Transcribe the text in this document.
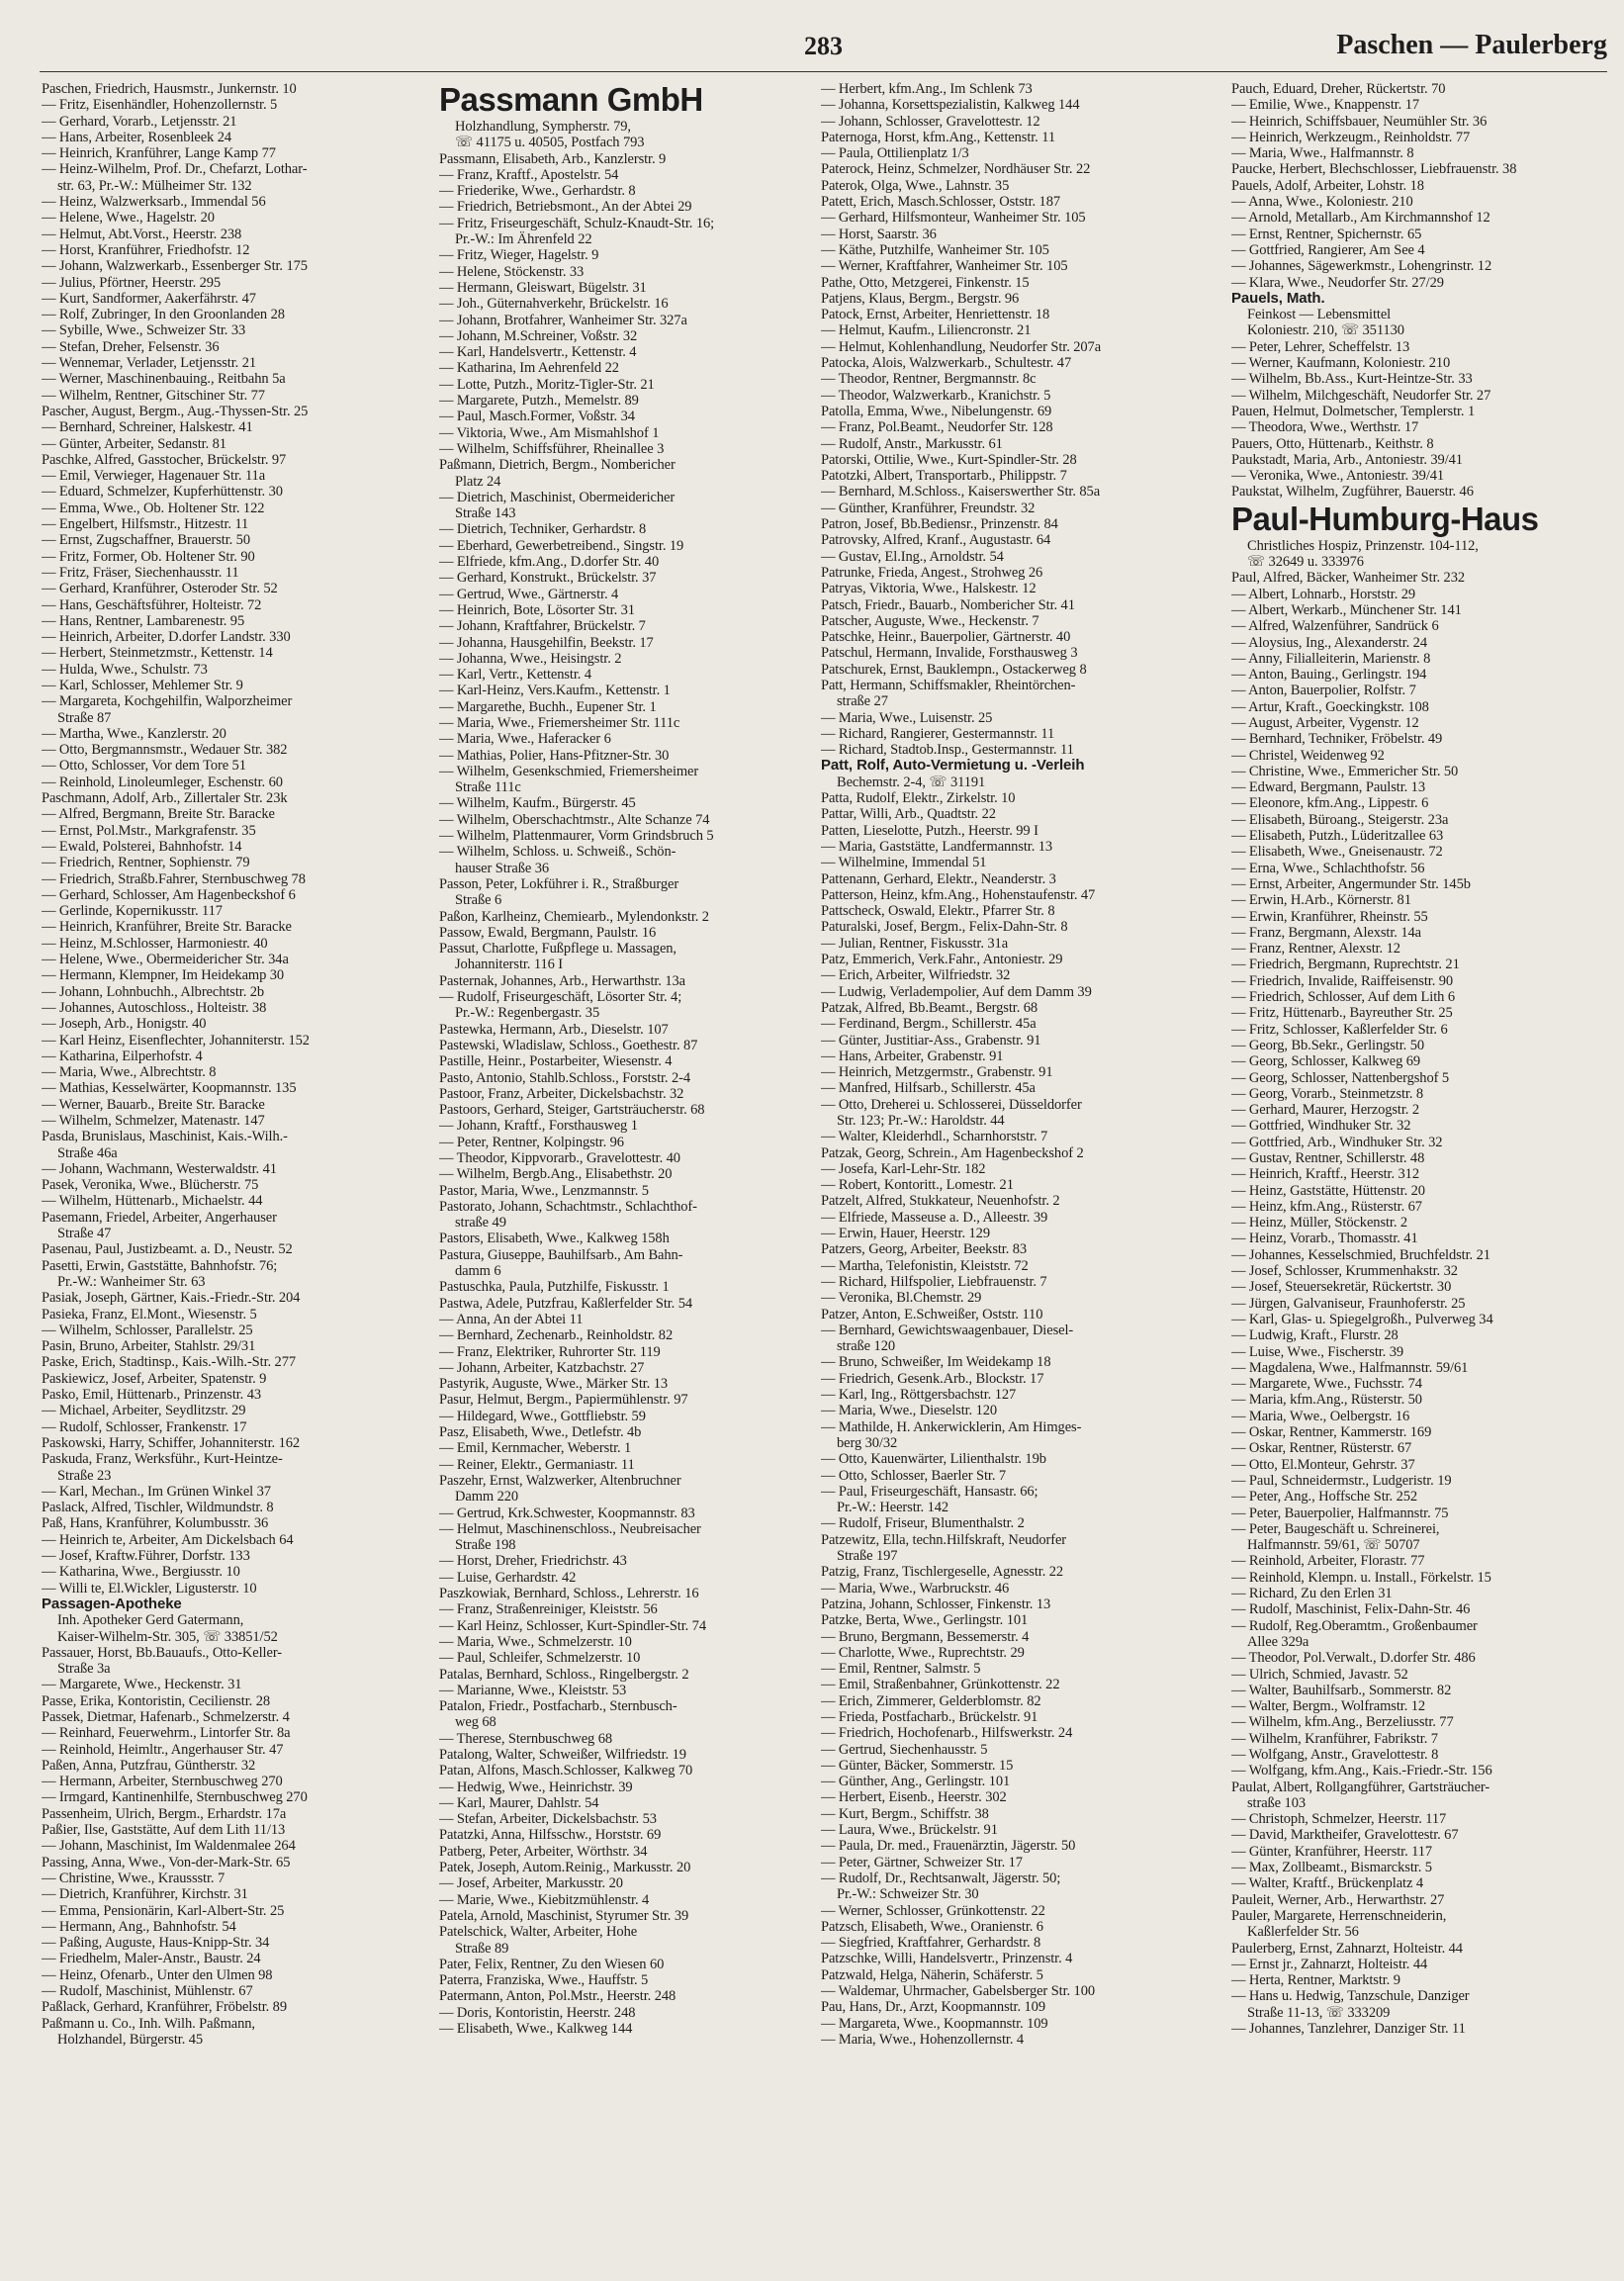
283	Paschen — Paulerberg
Paschen, Friedrich, Hausmstr., Junkernstr. 10
— Fritz, Eisenhändler, Hohenzollernstr. 5
— Gerhard, Vorarb., Letjensstr. 21
— Hans, Arbeiter, Rosenbleek 24
— Heinrich, Kranführer, Lange Kamp 77
— Heinz-Wilhelm, Prof. Dr., Chefarzt, Lothar-
str. 63, Pr.-W.: Mülheimer Str. 132
— Heinz, Walzwerksarb., Immendal 56
— Helene, Wwe., Hagelstr. 20
— Helmut, Abt.Vorst., Heerstr. 238
— Horst, Kranführer, Friedhofstr. 12
— Johann, Walzwerkarb., Essenberger Str. 175
— Julius, Pförtner, Heerstr. 295
— Kurt, Sandformer, Aakerfährstr. 47
— Rolf, Zubringer, In den Groonlanden 28
— Sybille, Wwe., Schweizer Str. 33
— Stefan, Dreher, Felsenstr. 36
— Wennemar, Verlader, Letjensstr. 21
— Werner, Maschinenbauing., Reitbahn 5a
— Wilhelm, Rentner, Gitschiner Str. 77
Pascher, August, Bergm., Aug.-Thyssen-Str. 25
— Bernhard, Schreiner, Halskestr. 41
— Günter, Arbeiter, Sedanstr. 81
Paschke, Alfred, Gasstocher, Brückelstr. 97
— Emil, Verwieger, Hagenauer Str. 11a
— Eduard, Schmelzer, Kupferhüttenstr. 30
— Emma, Wwe., Ob. Holtener Str. 122
— Engelbert, Hilfsmstr., Hitzestr. 11
— Ernst, Zugschaffner, Brauerstr. 50
— Fritz, Former, Ob. Holtener Str. 90
— Fritz, Fräser, Siechenhausstr. 11
— Gerhard, Kranführer, Osteroder Str. 52
— Hans, Geschäftsführer, Holteistr. 72
— Hans, Rentner, Lambarenestr. 95
— Heinrich, Arbeiter, D.dorfer Landstr. 330
— Herbert, Steinmetzmstr., Kettenstr. 14
— Hulda, Wwe., Schulstr. 73
— Karl, Schlosser, Mehlemer Str. 9
— Margareta, Kochgehilfin, Walporzheimer
Straße 87
— Martha, Wwe., Kanzlerstr. 20
— Otto, Bergmannsmstr., Wedauer Str. 382
— Otto, Schlosser, Vor dem Tore 51
— Reinhold, Linoleumleger, Eschenstr. 60
Paschmann, Adolf, Arb., Zillertaler Str. 23k
— Alfred, Bergmann, Breite Str. Baracke
— Ernst, Pol.Mstr., Markgrafenstr. 35
— Ewald, Polsterei, Bahnhofstr. 14
— Friedrich, Rentner, Sophienstr. 79
— Friedrich, Straßb.Fahrer, Sternbuschweg 78
— Gerhard, Schlosser, Am Hagenbeckshof 6
— Gerlinde, Kopernikusstr. 117
— Heinrich, Kranführer, Breite Str. Baracke
— Heinz, M.Schlosser, Harmoniestr. 40
— Helene, Wwe., Obermeidericher Str. 34a
— Hermann, Klempner, Im Heidekamp 30
— Johann, Lohnbuchh., Albrechtstr. 2b
— Johannes, Autoschloss., Holteistr. 38
— Joseph, Arb., Honigstr. 40
— Karl Heinz, Eisenflechter, Johanniterstr. 152
— Katharina, Eilperhofstr. 4
— Maria, Wwe., Albrechtstr. 8
— Mathias, Kesselwärter, Koopmannstr. 135
— Werner, Bauarb., Breite Str. Baracke
— Wilhelm, Schmelzer, Matenastr. 147
Pasda, Brunislaus, Maschinist, Kais.-Wilh.-
Straße 46a
— Johann, Wachmann, Westerwaldstr. 41
Pasek, Veronika, Wwe., Blücherstr. 75
— Wilhelm, Hüttenarb., Michaelstr. 44
Pasemann, Friedel, Arbeiter, Angerhauser
Straße 47
Pasenau, Paul, Justizbeamt. a. D., Neustr. 52
Pasetti, Erwin, Gaststätte, Bahnhofstr. 76;
Pr.-W.: Wanheimer Str. 63
Pasiak, Joseph, Gärtner, Kais.-Friedr.-Str. 204
Pasieka, Franz, El.Mont., Wiesenstr. 5
— Wilhelm, Schlosser, Parallelstr. 25
Pasin, Bruno, Arbeiter, Stahlstr. 29/31
Paske, Erich, Stadtinsp., Kais.-Wilh.-Str. 277
Paskiewicz, Josef, Arbeiter, Spatenstr. 9
Pasko, Emil, Hüttenarb., Prinzenstr. 43
— Michael, Arbeiter, Seydlitzstr. 29
— Rudolf, Schlosser, Frankenstr. 17
Paskowski, Harry, Schiffer, Johanniterstr. 162
Paskuda, Franz, Werksführ., Kurt-Heintze-
Straße 23
— Karl, Mechan., Im Grünen Winkel 37
Paslack, Alfred, Tischler, Wildmundstr. 8
Paß, Hans, Kranführer, Kolumbusstr. 36
— Heinrich te, Arbeiter, Am Dickelsbach 64
— Josef, Kraftw.Führer, Dorfstr. 133
— Katharina, Wwe., Bergiusstr. 10
— Willi te, El.Wickler, Ligusterstr. 10
Passagen-Apotheke
Inh. Apotheker Gerd Gatermann,
Kaiser-Wilhelm-Str. 305, ☏ 33851/52
Passauer, Horst, Bb.Bauaufs., Otto-Keller-
Straße 3a
— Margarete, Wwe., Heckenstr. 31
Passe, Erika, Kontoristin, Cecilienstr. 28
Passek, Dietmar, Hafenarb., Schmelzerstr. 4
— Reinhard, Feuerwehrm., Lintorfer Str. 8a
— Reinhold, Heimltr., Angerhauser Str. 47
Paßen, Anna, Putzfrau, Güntherstr. 32
— Hermann, Arbeiter, Sternbuschweg 270
— Irmgard, Kantinenhilfe, Sternbuschweg 270
Passenheim, Ulrich, Bergm., Erhardstr. 17a
Paßier, Ilse, Gaststätte, Auf dem Lith 11/13
— Johann, Maschinist, Im Waldenmalee 264
Passing, Anna, Wwe., Von-der-Mark-Str. 65
— Christine, Wwe., Kraussstr. 7
— Dietrich, Kranführer, Kirchstr. 31
— Emma, Pensionärin, Karl-Albert-Str. 25
— Hermann, Ang., Bahnhofstr. 54
— Paßing, Auguste, Haus-Knipp-Str. 34
— Friedhelm, Maler-Anstr., Baustr. 24
— Heinz, Ofenarb., Unter den Ulmen 98
— Rudolf, Maschinist, Mühlenstr. 67
Paßlack, Gerhard, Kranführer, Fröbelstr. 89
Paßmann u. Co., Inh. Wilh. Paßmann,
Holzhandel, Bürgerstr. 45
Passmann GmbH
Holzhandlung, Sympherstr. 79,
☏ 41175 u. 40505, Postfach 793
Passmann, Elisabeth, Arb., Kanzlerstr. 9
— Franz, Kraftf., Apostelstr. 54
— Friederike, Wwe., Gerhardstr. 8
— Friedrich, Betriebsmont., An der Abtei 29
— Fritz, Friseurgeschäft, Schulz-Knaudt-Str. 16;
Pr.-W.: Im Ährenfeld 22
— Fritz, Wieger, Hagelstr. 9
— Helene, Stöckenstr. 33
— Hermann, Gleiswart, Bügelstr. 31
— Joh., Güternahverkehr, Brückelstr. 16
— Johann, Brotfahrer, Wanheimer Str. 327a
— Johann, M.Schreiner, Voßstr. 32
— Karl, Handelsvertr., Kettenstr. 4
— Katharina, Im Aehrenfeld 22
— Lotte, Putzh., Moritz-Tigler-Str. 21
— Margarete, Putzh., Memelstr. 89
— Paul, Masch.Former, Voßstr. 34
— Viktoria, Wwe., Am Mismahlshof 1
— Wilhelm, Schiffsführer, Rheinallee 3
Paßmann, Dietrich, Bergm., Nombericher
Platz 24
— Dietrich, Maschinist, Obermeidericher
Straße 143
— Dietrich, Techniker, Gerhardstr. 8
— Eberhard, Gewerbetreibend., Singstr. 19
— Elfriede, kfm.Ang., D.dorfer Str. 40
— Gerhard, Konstrukt., Brückelstr. 37
— Gertrud, Wwe., Gärtnerstr. 4
— Heinrich, Bote, Lösorter Str. 31
— Johann, Kraftfahrer, Brückelstr. 7
— Johanna, Hausgehilfin, Beekstr. 17
— Johanna, Wwe., Heisingstr. 2
— Karl, Vertr., Kettenstr. 4
— Karl-Heinz, Vers.Kaufm., Kettenstr. 1
— Margarethe, Buchh., Eupener Str. 1
— Maria, Wwe., Friemersheimer Str. 111c
— Maria, Wwe., Haferacker 6
— Mathias, Polier, Hans-Pfitzner-Str. 30
— Wilhelm, Gesenkschmied, Friemersheimer
Straße 111c
— Wilhelm, Kaufm., Bürgerstr. 45
— Wilhelm, Oberschachtmstr., Alte Schanze 74
— Wilhelm, Plattenmaurer, Vorm Grindsbruch 5
— Wilhelm, Schloss. u. Schweiß., Schön-
hauser Straße 36
Passon, Peter, Lokführer i. R., Straßburger
Straße 6
Paßon, Karlheinz, Chemiearb., Mylendonkstr. 2
Passow, Ewald, Bergmann, Paulstr. 16
Passut, Charlotte, Fußpflege u. Massagen,
Johanniterstr. 116 I
Pasternak, Johannes, Arb., Herwarthstr. 13a
— Rudolf, Friseurgeschäft, Lösorter Str. 4;
Pr.-W.: Regenbergastr. 35
Pastewka, Hermann, Arb., Dieselstr. 107
Pastewski, Wladislaw, Schloss., Goethestr. 87
Pastille, Heinr., Postarbeiter, Wiesenstr. 4
Pasto, Antonio, Stahlb.Schloss., Forststr. 2-4
Pastoor, Franz, Arbeiter, Dickelsbachstr. 32
Pastoors, Gerhard, Steiger, Gartsträucherstr. 68
— Johann, Kraftf., Forsthausweg 1
— Peter, Rentner, Kolpingstr. 96
— Theodor, Kippvorarb., Gravelottestr. 40
— Wilhelm, Bergb.Ang., Elisabethstr. 20
Pastor, Maria, Wwe., Lenzmannstr. 5
Pastorato, Johann, Schachtmstr., Schlachthof-
straße 49
Pastors, Elisabeth, Wwe., Kalkweg 158h
Pastura, Giuseppe, Bauhilfsarb., Am Bahn-
damm 6
Pastuschka, Paula, Putzhilfe, Fiskusstr. 1
Pastwa, Adele, Putzfrau, Kaßlerfelder Str. 54
— Anna, An der Abtei 11
— Bernhard, Zechenarb., Reinholdstr. 82
— Franz, Elektriker, Ruhrorter Str. 119
— Johann, Arbeiter, Katzbachstr. 27
Pastyrik, Auguste, Wwe., Märker Str. 13
Pasur, Helmut, Bergm., Papiermühlenstr. 97
— Hildegard, Wwe., Gottfliebstr. 59
Pasz, Elisabeth, Wwe., Detlefstr. 4b
— Emil, Kernmacher, Weberstr. 1
— Reiner, Elektr., Germaniastr. 11
Paszehr, Ernst, Walzwerker, Altenbruchner
Damm 220
— Gertrud, Krk.Schwester, Koopmannstr. 83
— Helmut, Maschinenschloss., Neubreisacher
Straße 198
— Horst, Dreher, Friedrichstr. 43
— Luise, Gerhardstr. 42
Paszkowiak, Bernhard, Schloss., Lehrerstr. 16
— Franz, Straßenreiniger, Kleiststr. 56
— Karl Heinz, Schlosser, Kurt-Spindler-Str. 74
— Maria, Wwe., Schmelzerstr. 10
— Paul, Schleifer, Schmelzerstr. 10
Patalas, Bernhard, Schloss., Ringelbergstr. 2
— Marianne, Wwe., Kleiststr. 53
Patalon, Friedr., Postfacharb., Sternbusch-
weg 68
— Therese, Sternbuschweg 68
Patalong, Walter, Schweißer, Wilfriedstr. 19
Patan, Alfons, Masch.Schlosser, Kalkweg 70
— Hedwig, Wwe., Heinrichstr. 39
— Karl, Maurer, Dahlstr. 54
— Stefan, Arbeiter, Dickelsbachstr. 53
Patatzki, Anna, Hilfsschw., Horststr. 69
Patberg, Peter, Arbeiter, Wörthstr. 34
Patek, Joseph, Autom.Reinig., Markusstr. 20
— Josef, Arbeiter, Markusstr. 20
— Marie, Wwe., Kiebitzmühlenstr. 4
Patela, Arnold, Maschinist, Styrumer Str. 39
Patelschick, Walter, Arbeiter, Hohe
Straße 89
Pater, Felix, Rentner, Zu den Wiesen 60
Paterra, Franziska, Wwe., Hauffstr. 5
Patermann, Anton, Pol.Mstr., Heerstr. 248
— Doris, Kontoristin, Heerstr. 248
— Elisabeth, Wwe., Kalkweg 144
— Herbert, kfm.Ang., Im Schlenk 73
— Johanna, Korsettspezialistin, Kalkweg 144
— Johann, Schlosser, Gravelottestr. 12
Paternoga, Horst, kfm.Ang., Kettenstr. 11
— Paula, Ottilienplatz 1/3
Paterock, Heinz, Schmelzer, Nordhäuser Str. 22
Paterok, Olga, Wwe., Lahnstr. 35
Patett, Erich, Masch.Schlosser, Oststr. 187
— Gerhard, Hilfsmonteur, Wanheimer Str. 105
— Horst, Saarstr. 36
— Käthe, Putzhilfe, Wanheimer Str. 105
— Werner, Kraftfahrer, Wanheimer Str. 105
Pathe, Otto, Metzgerei, Finkenstr. 15
Patjens, Klaus, Bergm., Bergstr. 96
Patock, Ernst, Arbeiter, Henriettenstr. 18
— Helmut, Kaufm., Liliencronstr. 21
— Helmut, Kohlenhandlung, Neudorfer Str. 207a
Patocka, Alois, Walzwerkarb., Schultestr. 47
— Theodor, Rentner, Bergmannstr. 8c
— Theodor, Walzwerkarb., Kranichstr. 5
Patolla, Emma, Wwe., Nibelungenstr. 69
— Franz, Pol.Beamt., Neudorfer Str. 128
— Rudolf, Anstr., Markusstr. 61
Patorski, Ottilie, Wwe., Kurt-Spindler-Str. 28
Patotzki, Albert, Transportarb., Philippstr. 7
— Bernhard, M.Schloss., Kaiserswerther Str. 85a
— Günther, Kranführer, Freundstr. 32
Patron, Josef, Bb.Bediensr., Prinzenstr. 84
Patrovsky, Alfred, Kranf., Augustastr. 64
— Gustav, El.Ing., Arnoldstr. 54
Patrunke, Frieda, Angest., Strohweg 26
Patryas, Viktoria, Wwe., Halskestr. 12
Patsch, Friedr., Bauarb., Nombericher Str. 41
Patscher, Auguste, Wwe., Heckenstr. 7
Patschke, Heinr., Bauerpolier, Gärtnerstr. 40
Patschul, Hermann, Invalide, Forsthausweg 3
Patschurek, Ernst, Bauklempn., Ostackerweg 8
Patt, Hermann, Schiffsmakler, Rheintörchen-
straße 27
— Maria, Wwe., Luisenstr. 25
— Richard, Rangierer, Gestermannstr. 11
— Richard, Stadtob.Insp., Gestermannstr. 11
Patt, Rolf, Auto-Vermietung u. -Verleih
Bechemstr. 2-4, ☏ 31191
Patta, Rudolf, Elektr., Zirkelstr. 10
Pattar, Willi, Arb., Quadtstr. 22
Patten, Lieselotte, Putzh., Heerstr. 99 I
— Maria, Gaststätte, Landfermannstr. 13
— Wilhelmine, Immendal 51
Pattenann, Gerhard, Elektr., Neanderstr. 3
Patterson, Heinz, kfm.Ang., Hohenstaufenstr. 47
Pattscheck, Oswald, Elektr., Pfarrer Str. 8
Paturalski, Josef, Bergm., Felix-Dahn-Str. 8
— Julian, Rentner, Fiskusstr. 31a
Patz, Emmerich, Verk.Fahr., Antoniestr. 29
— Erich, Arbeiter, Wilfriedstr. 32
— Ludwig, Verladempolier, Auf dem Damm 39
Patzak, Alfred, Bb.Beamt., Bergstr. 68
— Ferdinand, Bergm., Schillerstr. 45a
— Günter, Justitiar-Ass., Grabenstr. 91
— Hans, Arbeiter, Grabenstr. 91
— Heinrich, Metzgermstr., Grabenstr. 91
— Manfred, Hilfsarb., Schillerstr. 45a
— Otto, Dreherei u. Schlosserei, Düsseldorfer
Str. 123; Pr.-W.: Haroldstr. 44
— Walter, Kleiderhdl., Scharnhorststr. 7
Patzak, Georg, Schrein., Am Hagenbeckshof 2
— Josefa, Karl-Lehr-Str. 182
— Robert, Kontoritt., Lomestr. 21
Patzelt, Alfred, Stukkateur, Neuenhofstr. 2
— Elfriede, Masseuse a. D., Alleestr. 39
— Erwin, Hauer, Heerstr. 129
Patzers, Georg, Arbeiter, Beekstr. 83
— Martha, Telefonistin, Kleiststr. 72
— Richard, Hilfspolier, Liebfrauenstr. 7
— Veronika, Bl.Chemstr. 29
Patzer, Anton, E.Schweißer, Oststr. 110
— Bernhard, Gewichtswaagenbauer, Diesel-
straße 120
— Bruno, Schweißer, Im Weidekamp 18
— Friedrich, Gesenk.Arb., Blockstr. 17
— Karl, Ing., Röttgersbachstr. 127
— Maria, Wwe., Dieselstr. 120
— Mathilde, H. Ankerwicklerin, Am Himges-
berg 30/32
— Otto, Kauenwärter, Lilienthalstr. 19b
— Otto, Schlosser, Baerler Str. 7
— Paul, Friseurgeschäft, Hansastr. 66;
Pr.-W.: Heerstr. 142
— Rudolf, Friseur, Blumenthalstr. 2
Patzewitz, Ella, techn.Hilfskraft, Neudorfer
Straße 197
Patzig, Franz, Tischlergeselle, Agnesstr. 22
— Maria, Wwe., Warbruckstr. 46
Patzina, Johann, Schlosser, Finkenstr. 13
Patzke, Berta, Wwe., Gerlingstr. 101
— Bruno, Bergmann, Bessemerstr. 4
— Charlotte, Wwe., Ruprechtstr. 29
— Emil, Rentner, Salmstr. 5
— Emil, Straßenbahner, Grünkottenstr. 22
— Erich, Zimmerer, Gelderblomstr. 82
— Frieda, Postfacharb., Brückelstr. 91
— Friedrich, Hochofenarb., Hilfswerkstr. 24
— Gertrud, Siechenhausstr. 5
— Günter, Bäcker, Sommerstr. 15
— Günther, Ang., Gerlingstr. 101
— Herbert, Eisenb., Heerstr. 302
— Kurt, Bergm., Schiffstr. 38
— Laura, Wwe., Brückelstr. 91
— Paula, Dr. med., Frauenärztin, Jägerstr. 50
— Peter, Gärtner, Schweizer Str. 17
— Rudolf, Dr., Rechtsanwalt, Jägerstr. 50;
Pr.-W.: Schweizer Str. 30
— Werner, Schlosser, Grünkottenstr. 22
Patzsch, Elisabeth, Wwe., Oranienstr. 6
— Siegfried, Kraftfahrer, Gerhardstr. 8
Patzschke, Willi, Handelsvertr., Prinzenstr. 4
Patzwald, Helga, Näherin, Schäferstr. 5
— Waldemar, Uhrmacher, Gabelsberger Str. 100
Pau, Hans, Dr., Arzt, Koopmannstr. 109
— Margareta, Wwe., Koopmannstr. 109
— Maria, Wwe., Hohenzollernstr. 4
Pauch, Eduard, Dreher, Rückertstr. 70
— Emilie, Wwe., Knappenstr. 17
— Heinrich, Schiffsbauer, Neumühler Str. 36
— Heinrich, Werkzeugm., Reinholdstr. 77
— Maria, Wwe., Halfmannstr. 8
Paucke, Herbert, Blechschlosser, Liebfrauenstr. 38
Pauels, Adolf, Arbeiter, Lohstr. 18
— Anna, Wwe., Koloniestr. 210
— Arnold, Metallarb., Am Kirchmannshof 12
— Ernst, Rentner, Spichernstr. 65
— Gottfried, Rangierer, Am See 4
— Johannes, Sägewerkmstr., Lohengrinstr. 12
— Klara, Wwe., Neudorfer Str. 27/29
Pauels, Math.
Feinkost — Lebensmittel
Koloniestr. 210, ☏ 351130
— Peter, Lehrer, Scheffelstr. 13
— Werner, Kaufmann, Koloniestr. 210
— Wilhelm, Bb.Ass., Kurt-Heintze-Str. 33
— Wilhelm, Milchgeschäft, Neudorfer Str. 27
Pauen, Helmut, Dolmetscher, Templerstr. 1
— Theodora, Wwe., Werthstr. 17
Pauers, Otto, Hüttenarb., Keithstr. 8
Paukstadt, Maria, Arb., Antoniestr. 39/41
— Veronika, Wwe., Antoniestr. 39/41
Paukstat, Wilhelm, Zugführer, Bauerstr. 46
Paul-Humburg-Haus
Christliches Hospiz, Prinzenstr. 104-112,
☏ 32649 u. 333976
Paul, Alfred, Bäcker, Wanheimer Str. 232
— Albert, Lohnarb., Horststr. 29
— Albert, Werkarb., Münchener Str. 141
— Alfred, Walzenführer, Sandrück 6
— Aloysius, Ing., Alexanderstr. 24
— Anny, Filialleiterin, Marienstr. 8
— Anton, Bauing., Gerlingstr. 194
— Anton, Bauerpolier, Rolfstr. 7
— Artur, Kraft., Goeckingkstr. 108
— August, Arbeiter, Vygenstr. 12
— Bernhard, Techniker, Fröbelstr. 49
— Christel, Weidenweg 92
— Christine, Wwe., Emmericher Str. 50
— Edward, Bergmann, Paulstr. 13
— Eleonore, kfm.Ang., Lippestr. 6
— Elisabeth, Büroang., Steigerstr. 23a
— Elisabeth, Putzh., Lüderitzallee 63
— Elisabeth, Wwe., Gneisenaustr. 72
— Erna, Wwe., Schlachthofstr. 56
— Ernst, Arbeiter, Angermunder Str. 145b
— Erwin, H.Arb., Körnerstr. 81
— Erwin, Kranführer, Rheinstr. 55
— Franz, Bergmann, Alexstr. 14a
— Franz, Rentner, Alexstr. 12
— Friedrich, Bergmann, Ruprechtstr. 21
— Friedrich, Invalide, Raiffeisenstr. 90
— Friedrich, Schlosser, Auf dem Lith 6
— Fritz, Hüttenarb., Bayreuther Str. 25
— Fritz, Schlosser, Kaßlerfelder Str. 6
— Georg, Bb.Sekr., Gerlingstr. 50
— Georg, Schlosser, Kalkweg 69
— Georg, Schlosser, Nattenbergshof 5
— Georg, Vorarb., Steinmetzstr. 8
— Gerhard, Maurer, Herzogstr. 2
— Gottfried, Windhuker Str. 32
— Gottfried, Arb., Windhuker Str. 32
— Gustav, Rentner, Schillerstr. 48
— Heinrich, Kraftf., Heerstr. 312
— Heinz, Gaststätte, Hüttenstr. 20
— Heinz, kfm.Ang., Rüsterstr. 67
— Heinz, Müller, Stöckenstr. 2
— Heinz, Vorarb., Thomasstr. 41
— Johannes, Kesselschmied, Bruchfeldstr. 21
— Josef, Schlosser, Krummenhakstr. 32
— Josef, Steuersekretär, Rückertstr. 30
— Jürgen, Galvaniseur, Fraunhoferstr. 25
— Karl, Glas- u. Spiegelgroßh., Pulverweg 34
— Ludwig, Kraft., Flurstr. 28
— Luise, Wwe., Fischerstr. 39
— Magdalena, Wwe., Halfmannstr. 59/61
— Margarete, Wwe., Fuchsstr. 74
— Maria, kfm.Ang., Rüsterstr. 50
— Maria, Wwe., Oelbergstr. 16
— Oskar, Rentner, Kammerstr. 169
— Oskar, Rentner, Rüsterstr. 67
— Otto, El.Monteur, Gehrstr. 37
— Paul, Schneidermstr., Ludgeristr. 19
— Peter, Ang., Hoffsche Str. 252
— Peter, Bauerpolier, Halfmannstr. 75
— Peter, Baugeschäft u. Schreinerei,
Halfmannstr. 59/61, ☏ 50707
— Reinhold, Arbeiter, Florastr. 77
— Reinhold, Klempn. u. Install., Förkelstr. 15
— Richard, Zu den Erlen 31
— Rudolf, Maschinist, Felix-Dahn-Str. 46
— Rudolf, Reg.Oberamtm., Großenbaumer
Allee 329a
— Theodor, Pol.Verwalt., D.dorfer Str. 486
— Ulrich, Schmied, Javastr. 52
— Walter, Bauhilfsarb., Sommerstr. 82
— Walter, Bergm., Wolframstr. 12
— Wilhelm, kfm.Ang., Berzeliusstr. 77
— Wilhelm, Kranführer, Fabrikstr. 7
— Wolfgang, Anstr., Gravelottestr. 8
— Wolfgang, kfm.Ang., Kais.-Friedr.-Str. 156
Paulat, Albert, Rollgangführer, Gartsträucher-
straße 103
— Christoph, Schmelzer, Heerstr. 117
— David, Marktheifer, Gravelottestr. 67
— Günter, Kranführer, Heerstr. 117
— Max, Zollbeamt., Bismarckstr. 5
— Walter, Kraftf., Brückenplatz 4
Pauleit, Werner, Arb., Herwarthstr. 27
Pauler, Margarete, Herrenschneiderin,
Kaßlerfelder Str. 56
Paulerberg, Ernst, Zahnarzt, Holteistr. 44
— Ernst jr., Zahnarzt, Holteistr. 44
— Herta, Rentner, Marktstr. 9
— Hans u. Hedwig, Tanzschule, Danziger
Straße 11-13, ☏ 333209
— Johannes, Tanzlehrer, Danziger Str. 11
